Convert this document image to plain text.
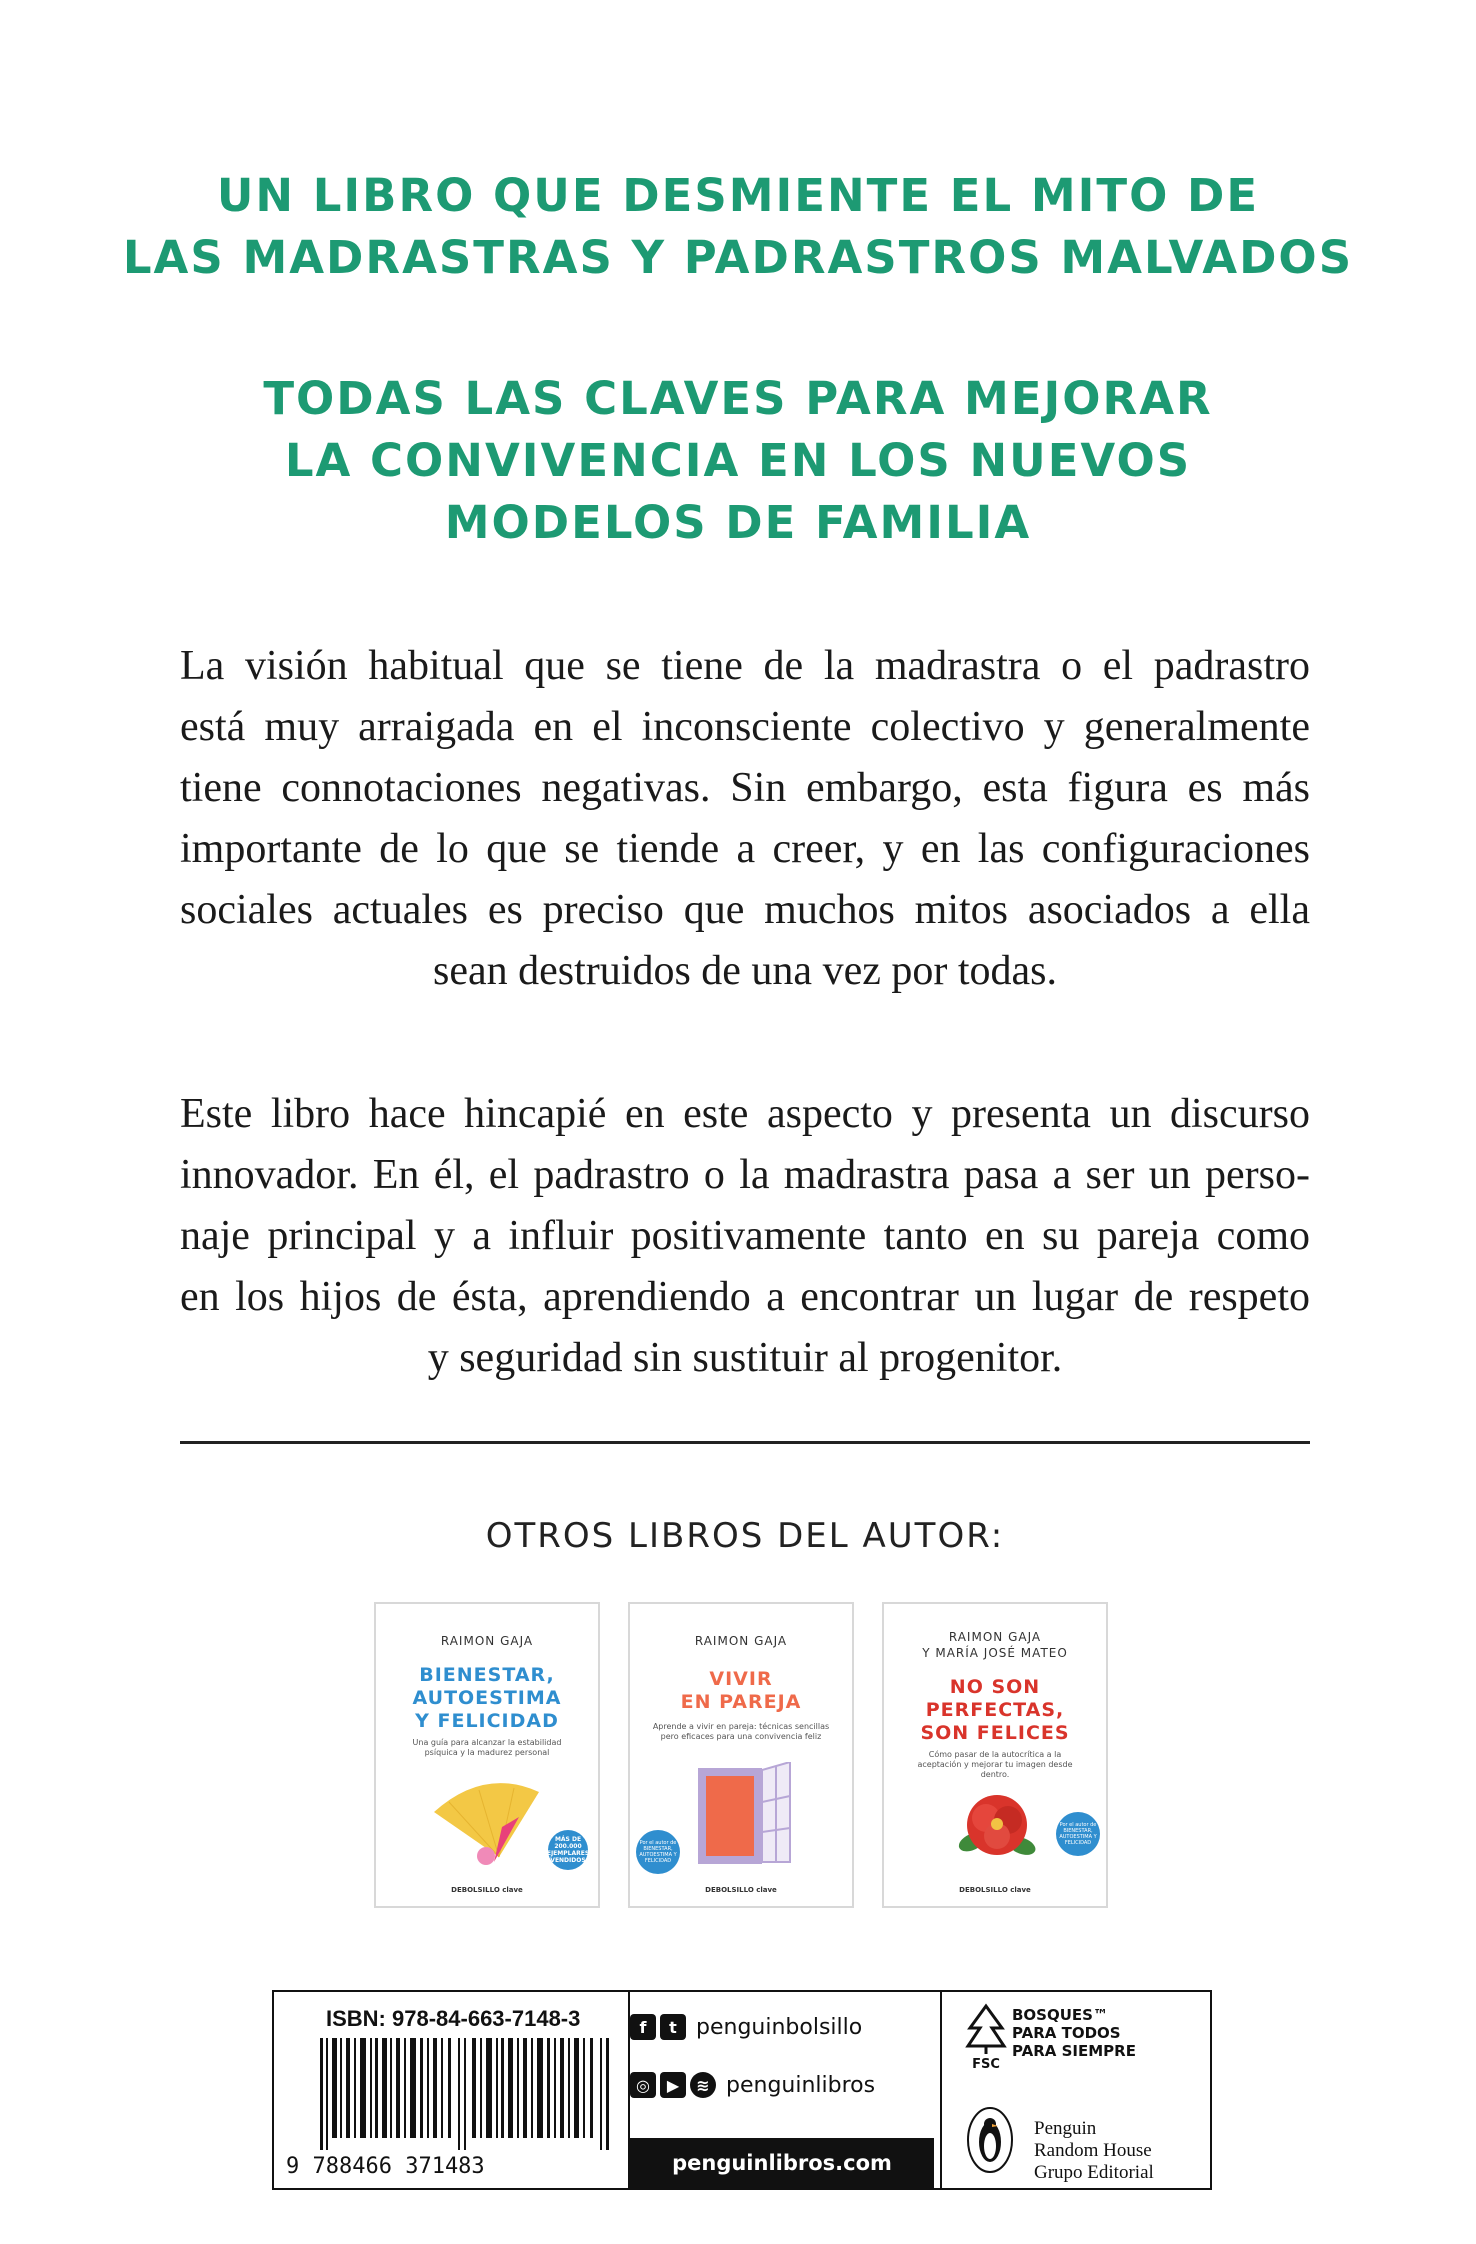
UN LIBRO QUE DESMIENTE EL MITO DE
LAS MADRASTRAS Y PADRASTROS MALVADOS
TODAS LAS CLAVES PARA MEJORAR
LA CONVIVENCIA EN LOS NUEVOS
MODELOS DE FAMILIA

La visión habitual que se tiene de la madrastra o el padrastro
está muy arraigada en el inconsciente colectivo y generalmente
tiene connotaciones negativas. Sin embargo, esta figura es más
importante de lo que se tiende a creer, y en las configuraciones
sociales actuales es preciso que muchos mitos asociados a ella
sean destruidos de una vez por todas.

Este libro hace hincapié en este aspecto y presenta un discurso
innovador. En él, el padrastro o la madrastra pasa a ser un perso-
naje principal y a influir positivamente tanto en su pareja como
en los hijos de ésta, aprendiendo a encontrar un lugar de respeto
y seguridad sin sustituir al progenitor.

OTROS LIBROS DEL AUTOR:
RAIMON GAJA
BIENESTAR,
AUTOESTIMA
Y FELICIDAD
Una guía para alcanzar la estabilidad psíquica y la madurez personal
MÁS DE 200.000 EJEMPLARES VENDIDOS
DEBOLSILLO clave
RAIMON GAJA
VIVIR
EN PAREJA
Aprende a vivir en pareja: técnicas sencillas pero eficaces para una convivencia feliz
Por el autor de BIENESTAR, AUTOESTIMA Y FELICIDAD
DEBOLSILLO clave
RAIMON GAJA
Y MARÍA JOSÉ MATEO
NO SON
PERFECTAS,
SON FELICES
Cómo pasar de la autocrítica a la aceptación y mejorar tu imagen desde dentro.
Por el autor de BIENESTAR, AUTOESTIMA Y FELICIDAD
DEBOLSILLO clave
ISBN: 978-84-663-7148-3
9 788466 371483
f	t penguinbolsillo
◎	▶	≋ penguinlibros
penguinlibros.com
FSC
BOSQUES™
PARA TODOS
PARA SIEMPRE
Penguin
Random House
Grupo Editorial
